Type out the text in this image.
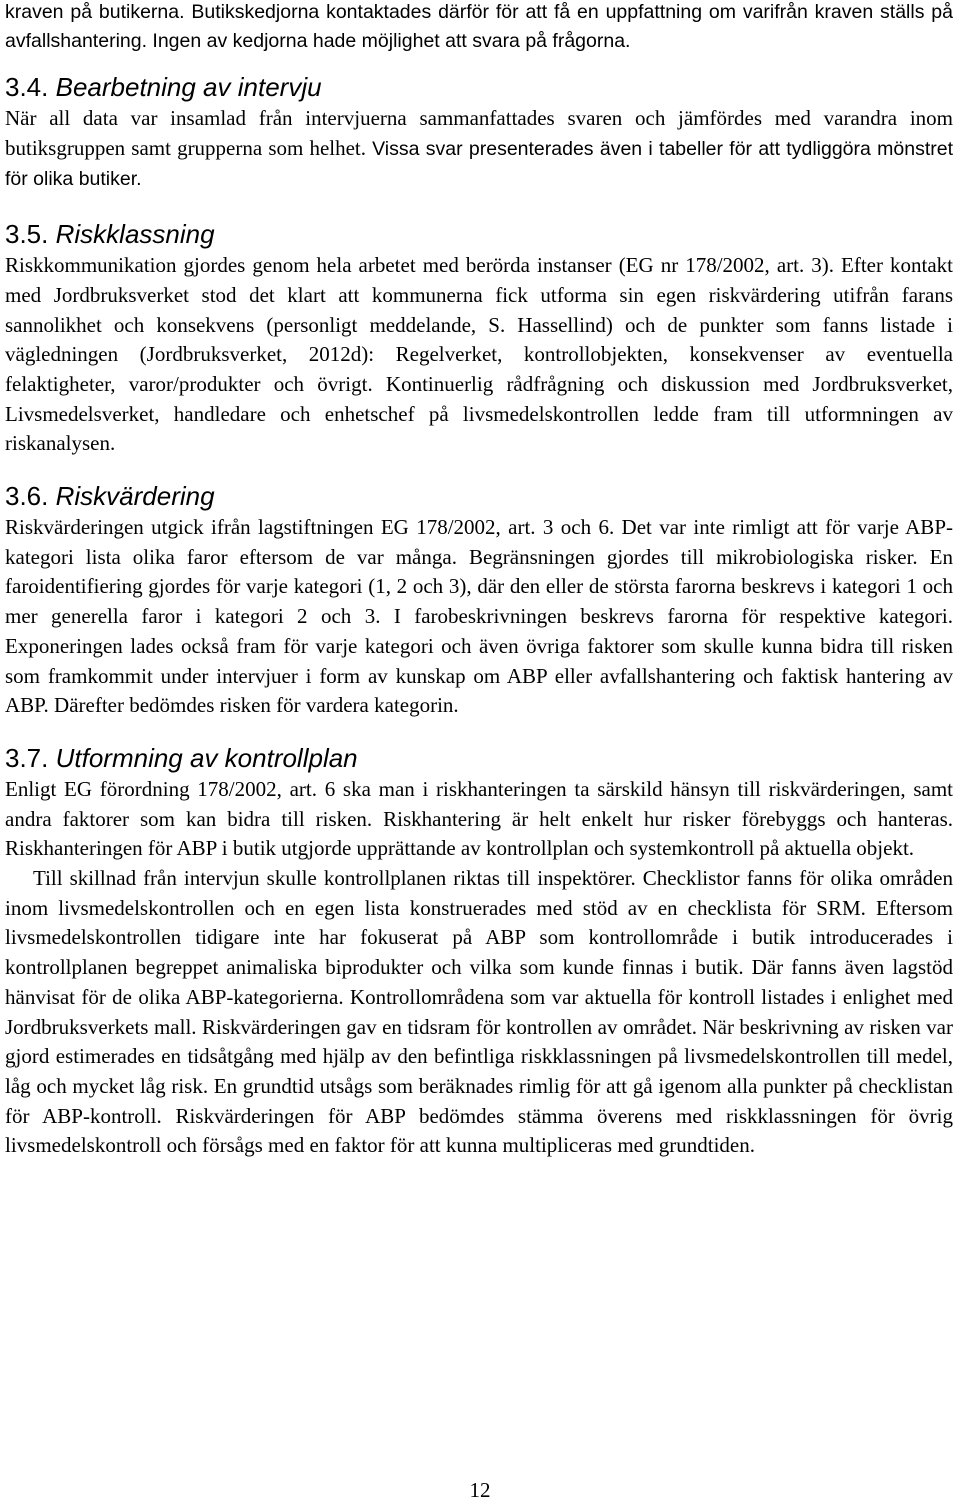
kraven på butikerna. Butikskedjorna kontaktades därför för att få en uppfattning om varifrån kraven ställs på avfallshantering. Ingen av kedjorna hade möjlighet att svara på frågorna.

3.4. Bearbetning av intervju

När all data var insamlad från intervjuerna sammanfattades svaren och jämfördes med varandra inom butiksgruppen samt grupperna som helhet. Vissa svar presenterades även i tabeller för att tydliggöra mönstret för olika butiker.

3.5. Riskklassning

Riskkommunikation gjordes genom hela arbetet med berörda instanser (EG nr 178/2002, art. 3). Efter kontakt med Jordbruksverket stod det klart att kommunerna fick utforma sin egen riskvärdering utifrån farans sannolikhet och konsekvens (personligt meddelande, S. Hassellind) och de punkter som fanns listade i vägledningen (Jordbruksverket, 2012d): Regelverket, kontrollobjekten, konsekvenser av eventuella felaktigheter, varor/produkter och övrigt. Kontinuerlig rådfrågning och diskussion med Jordbruksverket, Livsmedelsverket, handledare och enhetschef på livsmedelskontrollen ledde fram till utformningen av riskanalysen.

3.6. Riskvärdering

Riskvärderingen utgick ifrån lagstiftningen EG 178/2002, art. 3 och 6. Det var inte rimligt att för varje ABP-kategori lista olika faror eftersom de var många. Begränsningen gjordes till mikrobiologiska risker. En faroidentifiering gjordes för varje kategori (1, 2 och 3), där den eller de största farorna beskrevs i kategori 1 och mer generella faror i kategori 2 och 3. I farobeskrivningen beskrevs farorna för respektive kategori. Exponeringen lades också fram för varje kategori och även övriga faktorer som skulle kunna bidra till risken som framkommit under intervjuer i form av kunskap om ABP eller avfallshantering och faktisk hantering av ABP. Därefter bedömdes risken för vardera kategorin.

3.7. Utformning av kontrollplan

Enligt EG förordning 178/2002, art. 6 ska man i riskhanteringen ta särskild hänsyn till riskvärderingen, samt andra faktorer som kan bidra till risken. Riskhantering är helt enkelt hur risker förebyggs och hanteras. Riskhanteringen för ABP i butik utgjorde upprättande av kontrollplan och systemkontroll på aktuella objekt.

Till skillnad från intervjun skulle kontrollplanen riktas till inspektörer. Checklistor fanns för olika områden inom livsmedelskontrollen och en egen lista konstruerades med stöd av en checklista för SRM. Eftersom livsmedelskontrollen tidigare inte har fokuserat på ABP som kontrollområde i butik introducerades i kontrollplanen begreppet animaliska biprodukter och vilka som kunde finnas i butik. Där fanns även lagstöd hänvisat för de olika ABP-kategorierna. Kontrollområdena som var aktuella för kontroll listades i enlighet med Jordbruksverkets mall. Riskvärderingen gav en tidsram för kontrollen av området. När beskrivning av risken var gjord estimerades en tidsåtgång med hjälp av den befintliga riskklassningen på livsmedelskontrollen till medel, låg och mycket låg risk. En grundtid utsågs som beräknades rimlig för att gå igenom alla punkter på checklistan för ABP-kontroll. Riskvärderingen för ABP bedömdes stämma överens med riskklassningen för övrig livsmedelskontroll och försågs med en faktor för att kunna multipliceras med grundtiden.

12
